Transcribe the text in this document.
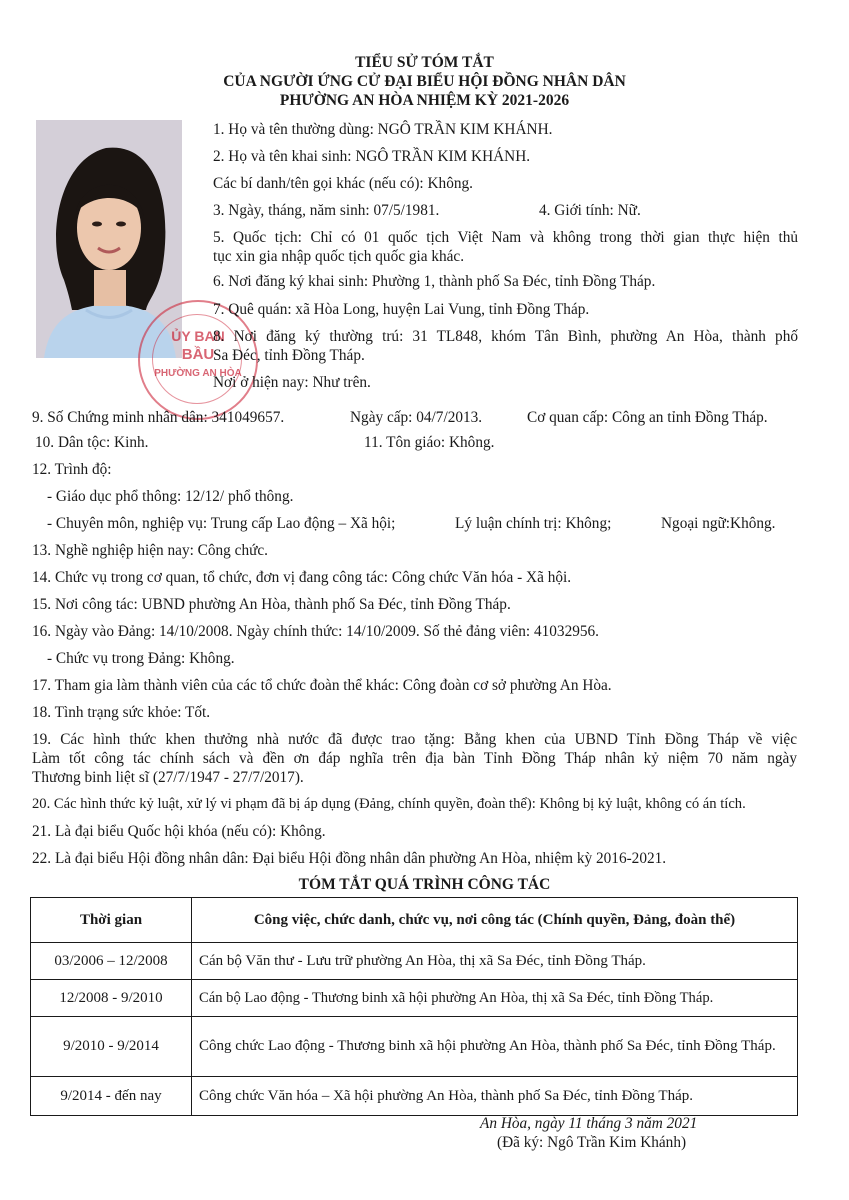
TIỂU SỬ TÓM TẮT
CỦA NGƯỜI ỨNG CỬ ĐẠI BIỂU HỘI ĐỒNG NHÂN DÂN
PHƯỜNG AN HÒA NHIỆM KỲ 2021-2026
ỦY BAN
BẦU
PHƯỜNG AN HÒA
1. Họ và tên thường dùng: NGÔ TRẦN KIM KHÁNH.
2. Họ và tên khai sinh: NGÔ TRẦN KIM KHÁNH.
Các bí danh/tên gọi khác (nếu có): Không.
3. Ngày, tháng, năm sinh: 07/5/1981.	4. Giới tính: Nữ.
5. Quốc tịch: Chỉ có 01 quốc tịch Việt Nam và không trong thời gian thực hiện thủ
tục xin gia nhập quốc tịch quốc gia khác.
6. Nơi đăng ký khai sinh: Phường 1, thành phố Sa Đéc, tỉnh Đồng Tháp.
7. Quê quán: xã Hòa Long, huyện Lai Vung, tỉnh Đồng Tháp.
8. Nơi đăng ký thường trú: 31 TL848, khóm Tân Bình, phường An Hòa, thành phố
Sa Đéc, tỉnh Đồng Tháp.
Nơi ở hiện nay: Như trên.
9. Số Chứng minh nhân dân: 341049657.	Ngày cấp: 04/7/2013.	Cơ quan cấp: Công an tỉnh Đồng Tháp.
10. Dân tộc: Kinh.	11. Tôn giáo: Không.
12. Trình độ:
- Giáo dục phổ thông: 12/12/ phổ thông.
- Chuyên môn, nghiệp vụ: Trung cấp Lao động – Xã hội;	Lý luận chính trị: Không;	Ngoại ngữ:Không.
13. Nghề nghiệp hiện nay: Công chức.
14. Chức vụ trong cơ quan, tổ chức, đơn vị đang công tác: Công chức Văn hóa - Xã hội.
15. Nơi công tác: UBND phường An Hòa, thành phố Sa Đéc, tỉnh Đồng Tháp.
16. Ngày vào Đảng: 14/10/2008. Ngày chính thức: 14/10/2009. Số thẻ đảng viên: 41032956.
- Chức vụ trong Đảng: Không.
17. Tham gia làm thành viên của các tổ chức đoàn thể khác: Công đoàn cơ sở phường An Hòa.
18. Tình trạng sức khỏe: Tốt.
19. Các hình thức khen thưởng nhà nước đã được trao tặng: Bằng khen của UBND Tỉnh Đồng Tháp về việc
Làm tốt công tác chính sách và đền ơn đáp nghĩa trên địa bàn Tỉnh Đồng Tháp nhân kỷ niệm 70 năm ngày
Thương binh liệt sĩ (27/7/1947 - 27/7/2017).
20. Các hình thức kỷ luật, xử lý vi phạm đã bị áp dụng (Đảng, chính quyền, đoàn thể): Không bị kỷ luật, không có án tích.
21. Là đại biểu Quốc hội khóa (nếu có): Không.
22. Là đại biểu Hội đồng nhân dân: Đại biểu Hội đồng nhân dân phường An Hòa, nhiệm kỳ 2016-2021.
TÓM TẮT QUÁ TRÌNH CÔNG TÁC
Thời gian	Công việc, chức danh, chức vụ, nơi công tác (Chính quyền, Đảng, đoàn thể)
03/2006 – 12/2008	Cán bộ Văn thư - Lưu trữ phường An Hòa, thị xã Sa Đéc, tỉnh Đồng Tháp.
12/2008 - 9/2010	Cán bộ Lao động - Thương binh xã hội phường An Hòa, thị xã Sa Đéc, tỉnh Đồng Tháp.
9/2010 - 9/2014	Công chức Lao động - Thương binh xã hội phường An Hòa, thành phố Sa Đéc, tỉnh Đồng Tháp.
9/2014 - đến nay	Công chức Văn hóa – Xã hội phường An Hòa, thành phố Sa Đéc, tỉnh Đồng Tháp.
An Hòa, ngày 11 tháng 3 năm 2021
(Đã ký: Ngô Trần Kim Khánh)
